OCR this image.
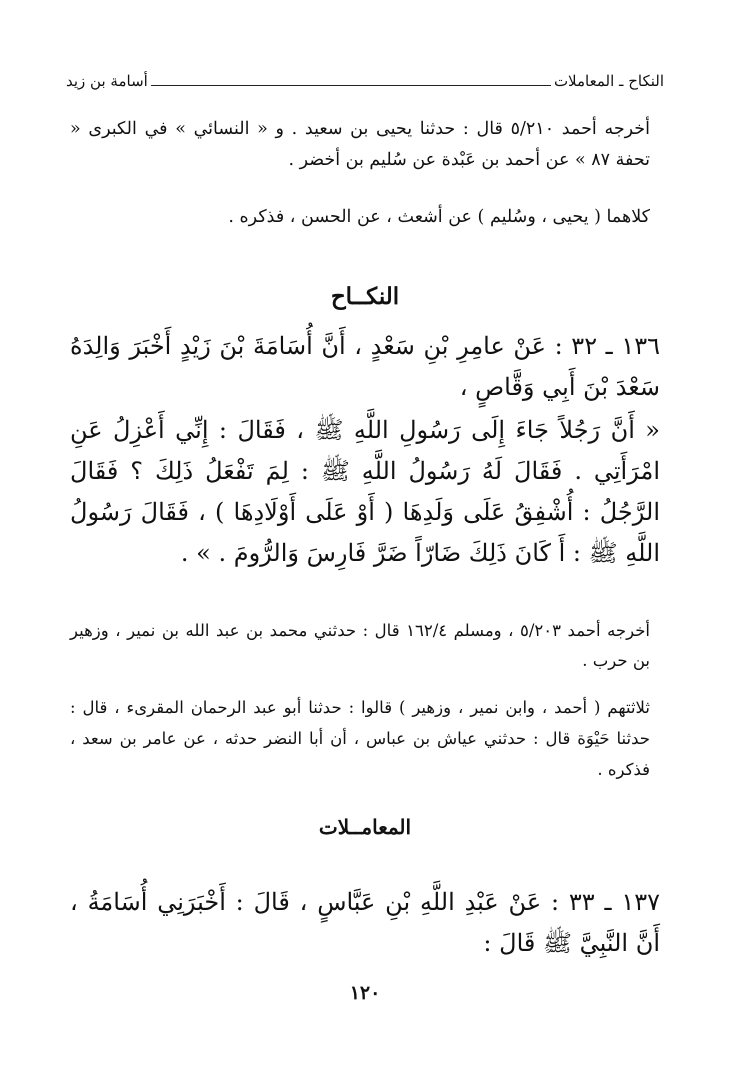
النكاح ـ المعاملات
أسامة بن زيد
أخرجه أحمد ٥/٢١٠ قال : حدثنا يحيى بن سعيد . و « النسائي » في الكبرى « تحفة ٨٧ » عن أحمد بن عَبْدة عن سُليم بن أخضر .
كلاهما ( يحيى ، وسُليم ) عن أشعث ، عن الحسن ، فذكره .
النكــاح
١٣٦ ـ ٣٢ : عَنْ عامِرِ بْنِ سَعْدٍ ، أَنَّ أُسَامَةَ بْنَ زَيْدٍ أَخْبَرَ وَالِدَهُ سَعْدَ بْنَ أَبِي وَقَّاصٍ ،
« أَنَّ رَجُلاً جَاءَ إِلَى رَسُولِ اللَّهِ ﷺ ، فَقَالَ : إِنِّي أَعْزِلُ عَنِ امْرَأَتِي . فَقَالَ لَهُ رَسُولُ اللَّهِ ﷺ : لِمَ تَفْعَلُ ذَلِكَ ؟ فَقَالَ الرَّجُلُ : أُشْفِقُ عَلَى وَلَدِهَا ( أَوْ عَلَى أَوْلَادِهَا ) ، فَقَالَ رَسُولُ اللَّهِ ﷺ : أَ كَانَ ذَلِكَ ضَارّاً ضَرَّ فَارِسَ وَالرُّومَ . » .
أخرجه أحمد ٥/٢٠٣ ، ومسلم ١٦٢/٤ قال : حدثني محمد بن عبد الله بن نمير ، وزهير بن حرب .
ثلاثتهم ( أحمد ، وابن نمير ، وزهير ) قالوا : حدثنا أبو عبد الرحمان المقرىء ، قال : حدثنا حَيْوَة قال : حدثني عياش بن عباس ، أن أبا النضر حدثه ، عن عامر بن سعد ، فذكره .
المعامــلات
١٣٧ ـ ٣٣ : عَنْ عَبْدِ اللَّهِ بْنِ عَبَّاسٍ ، قَالَ : أَخْبَرَنِي أُسَامَةُ ، أَنَّ النَّبِيَّ ﷺ قَالَ :
١٢٠
